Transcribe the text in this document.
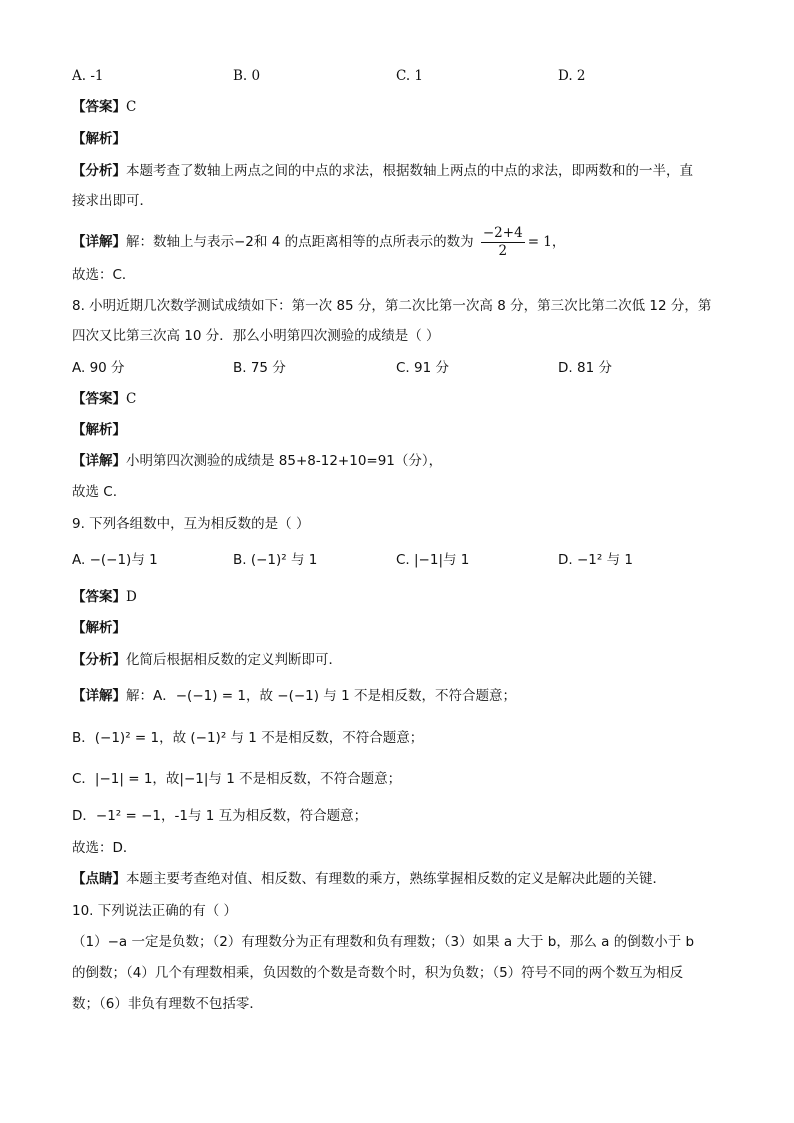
A. -1	B. 0	C. 1	D. 2
【答案】C
【解析】
【分析】本题考查了数轴上两点之间的中点的求法，根据数轴上两点的中点的求法，即两数和的一半，直
接求出即可．
【详解】解：数轴上与表示−2和 4 的点距离相等的点所表示的数为 $\frac{-2+4}{2} = 1$，
故选：C．
8. 小明近期几次数学测试成绩如下：第一次 85 分，第二次比第一次高 8 分，第三次比第二次低 12 分，第
四次又比第三次高 10 分．那么小明第四次测验的成绩是（ ）
A. 90 分	B. 75 分	C. 91 分	D. 81 分
【答案】C
【解析】
【详解】小明第四次测验的成绩是 85+8-12+10=91（分），
故选 C.
9. 下列各组数中，互为相反数的是（ ）
A. −(−1)与 1	B. (−1)² 与 1	C. |−1|与 1	D. −1² 与 1
【答案】D
【解析】
【分析】化简后根据相反数的定义判断即可．
【详解】解：A．−(−1) = 1，故 −(−1) 与 1 不是相反数，不符合题意；
B．(−1)² = 1，故 (−1)² 与 1 不是相反数，不符合题意；
C．|−1| = 1，故|−1|与 1 不是相反数，不符合题意；
D．−1² = −1，-1与 1 互为相反数，符合题意；
故选：D．
【点睛】本题主要考查绝对值、相反数、有理数的乘方，熟练掌握相反数的定义是解决此题的关键．
10. 下列说法正确的有（ ）
（1）−a 一定是负数；（2）有理数分为正有理数和负有理数；（3）如果 a 大于 b，那么 a 的倒数小于 b
的倒数；（4）几个有理数相乘，负因数的个数是奇数个时，积为负数；（5）符号不同的两个数互为相反
数；（6）非负有理数不包括零．
